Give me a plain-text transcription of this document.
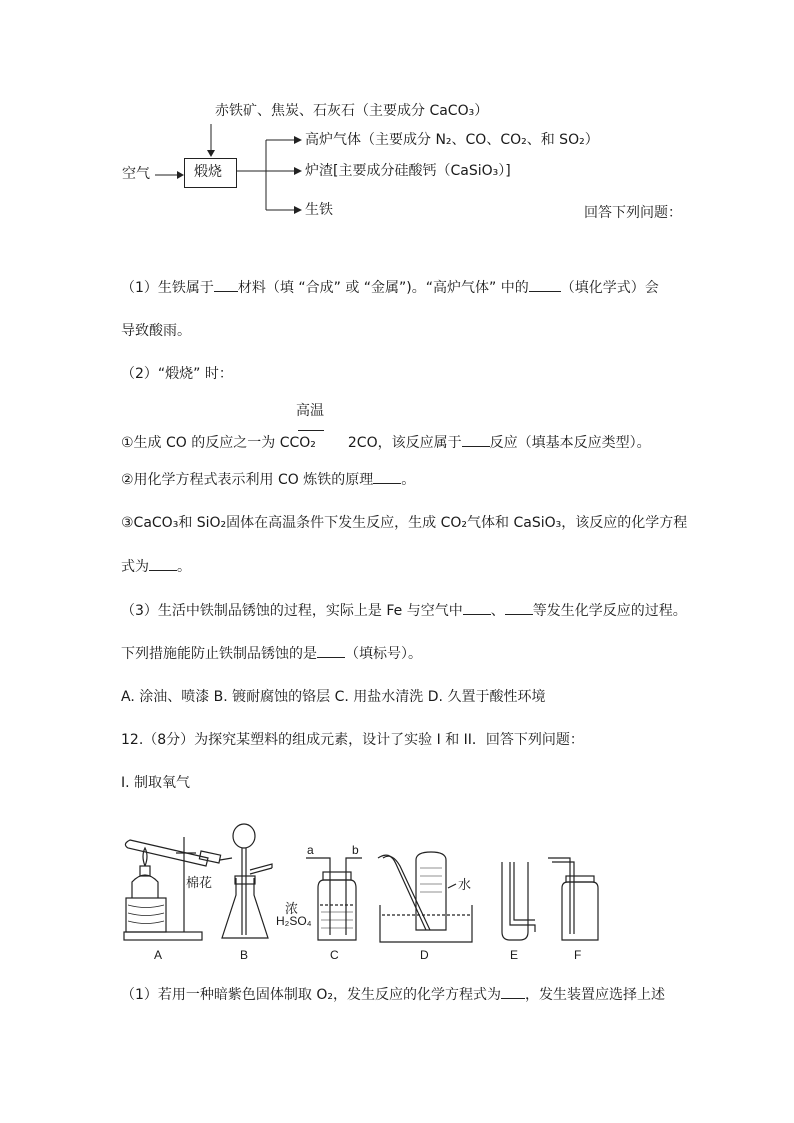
赤铁矿、焦炭、石灰石（主要成分 CaCO₃）
空气	煅烧
高炉气体（主要成分 N₂、CO、CO₂、和 SO₂）
炉渣[主要成分硅酸钙（CaSiO₃）]
生铁	回答下列问题：
（1）生铁属于 材料（填 “合成” 或 “金属”)。“高炉气体” 中的 （填化学式）会
导致酸雨。
（2）“煅烧” 时：
高温
①生成 CO 的反应之一为 CCO₂ 2CO，该反应属于 反应（填基本反应类型）。
②用化学方程式表示利用 CO 炼铁的原理 。
③CaCO₃和 SiO₂固体在高温条件下发生反应，生成 CO₂气体和 CaSiO₃，该反应的化学方程
式为 。
（3）生活中铁制品锈蚀的过程，实际上是 Fe 与空气中 、 等发生化学反应的过程。
下列措施能防止铁制品锈蚀的是 （填标号）。
A. 涂油、喷漆 B. 镀耐腐蚀的铬层 C. 用盐水清洗 D. 久置于酸性环境
12.（8分）为探究某塑料的组成元素，设计了实验 I 和 II．回答下列问题：
I. 制取氧气
A	B	C	D	E	F
棉花
a	b
浓
H₂SO₄
水
（1）若用一种暗紫色固体制取 O₂，发生反应的化学方程式为 ，发生装置应选择上述
